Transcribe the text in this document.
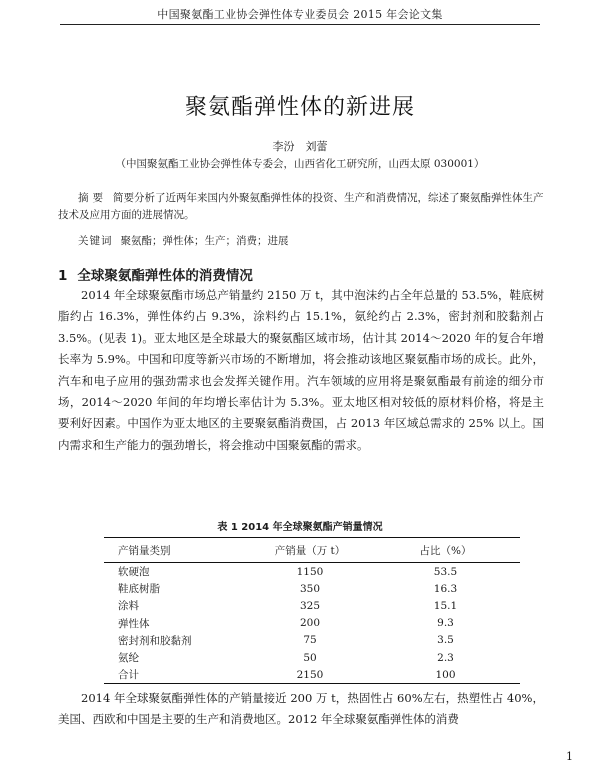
中国聚氨酯工业协会弹性体专业委员会 2015 年会论文集
聚氨酯弹性体的新进展
李汾　刘蕾
（中国聚氨酯工业协会弹性体专委会，山西省化工研究所，山西太原 030001）
摘要 简要分析了近两年来国内外聚氨酯弹性体的投资、生产和消费情况，综述了聚氨酯弹性体生产技术及应用方面的进展情况。
关键词 聚氨酯；弹性体；生产；消费；进展
1 全球聚氨酯弹性体的消费情况

2014 年全球聚氨酯市场总产销量约 2150 万 t，其中泡沫约占全年总量的 53.5%，鞋底树脂约占 16.3%，弹性体约占 9.3%，涂料约占 15.1%，氨纶约占 2.3%，密封剂和胶黏剂占 3.5%。(见表 1)。亚太地区是全球最大的聚氨酯区域市场，估计其 2014～2020 年的复合年增长率为 5.9%。中国和印度等新兴市场的不断增加，将会推动该地区聚氨酯市场的成长。此外，汽车和电子应用的强劲需求也会发挥关键作用。汽车领域的应用将是聚氨酯最有前途的细分市场，2014～2020 年间的年均增长率估计为 5.3%。亚太地区相对较低的原材料价格，将是主要利好因素。中国作为亚太地区的主要聚氨酯消费国，占 2013 年区域总需求的 25% 以上。国内需求和生产能力的强劲增长，将会推动中国聚氨酯的需求。

表 1 2014 年全球聚氨酯产销量情况
产销量类别	产销量（万 t）	占比（%）
软硬泡	1150	53.5
鞋底树脂	350	16.3
涂料	325	15.1
弹性体	200	9.3
密封剂和胶黏剂	75	3.5
氨纶	50	2.3
合计	2150	100

2014 年全球聚氨酯弹性体的产销量接近 200 万 t，热固性占 60%左右，热塑性占 40%，美国、西欧和中国是主要的生产和消费地区。2012 年全球聚氨酯弹性体的消费

1
